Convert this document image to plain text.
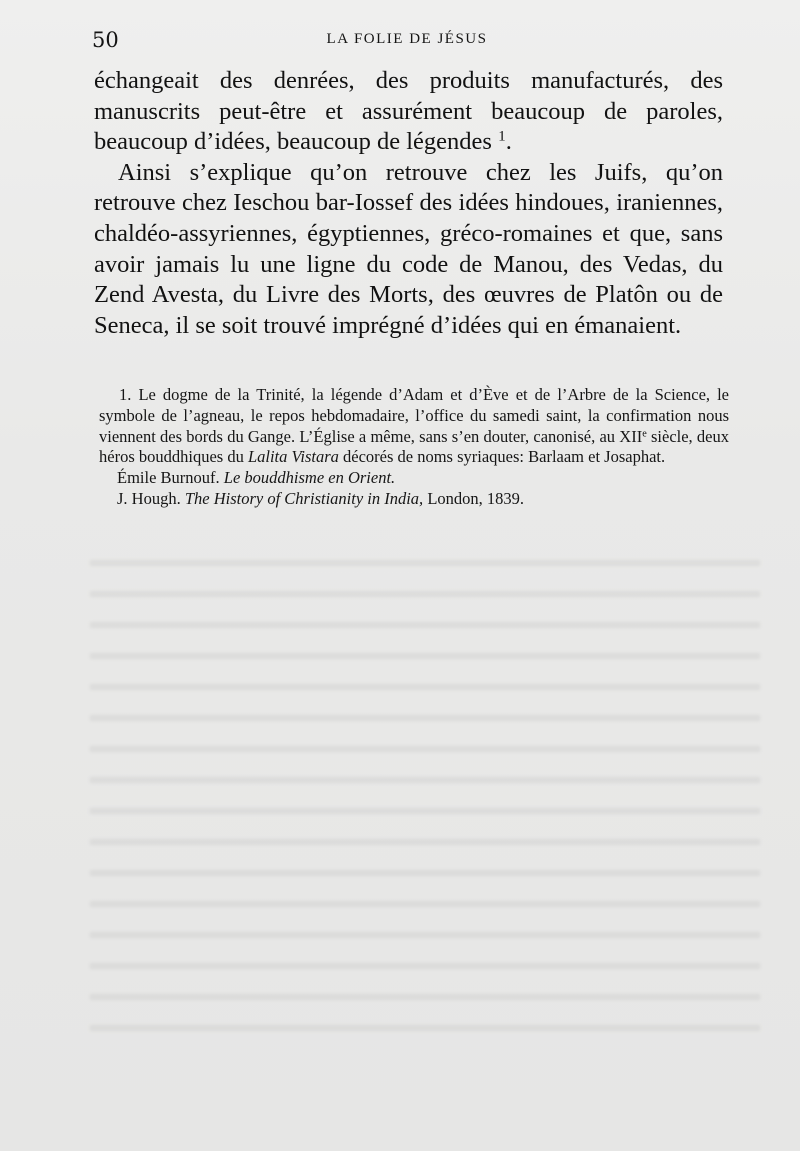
50	LA FOLIE DE JÉSUS

échangeait des denrées, des produits manufacturés, des manuscrits peut-être et assurément beaucoup de paroles, beaucoup d’idées, beaucoup de légendes $^1$.

Ainsi s’explique qu’on retrouve chez les Juifs, qu’on retrouve chez Ieschou bar-Iossef des idées hindoues, iraniennes, chaldéo-assyriennes, égyptiennes, gréco-romaines et que, sans avoir jamais lu une ligne du code de Manou, des Vedas, du Zend Avesta, du Livre des Morts, des œuvres de Platôn ou de Seneca, il se soit trouvé imprégné d’idées qui en émanaient.

1. Le dogme de la Trinité, la légende d’Adam et d’Ève et de l’Arbre de la Science, le symbole de l’agneau, le repos hebdomadaire, l’office du samedi saint, la confirmation nous viennent des bords du Gange. L’Église a même, sans s’en douter, canonisé, au XIIe siècle, deux héros bouddhiques du Lalita Vistara décorés de noms syriaques: Barlaam et Josaphat.

Émile Burnouf. Le bouddhisme en Orient.

J. Hough. The History of Christianity in India, London, 1839.
